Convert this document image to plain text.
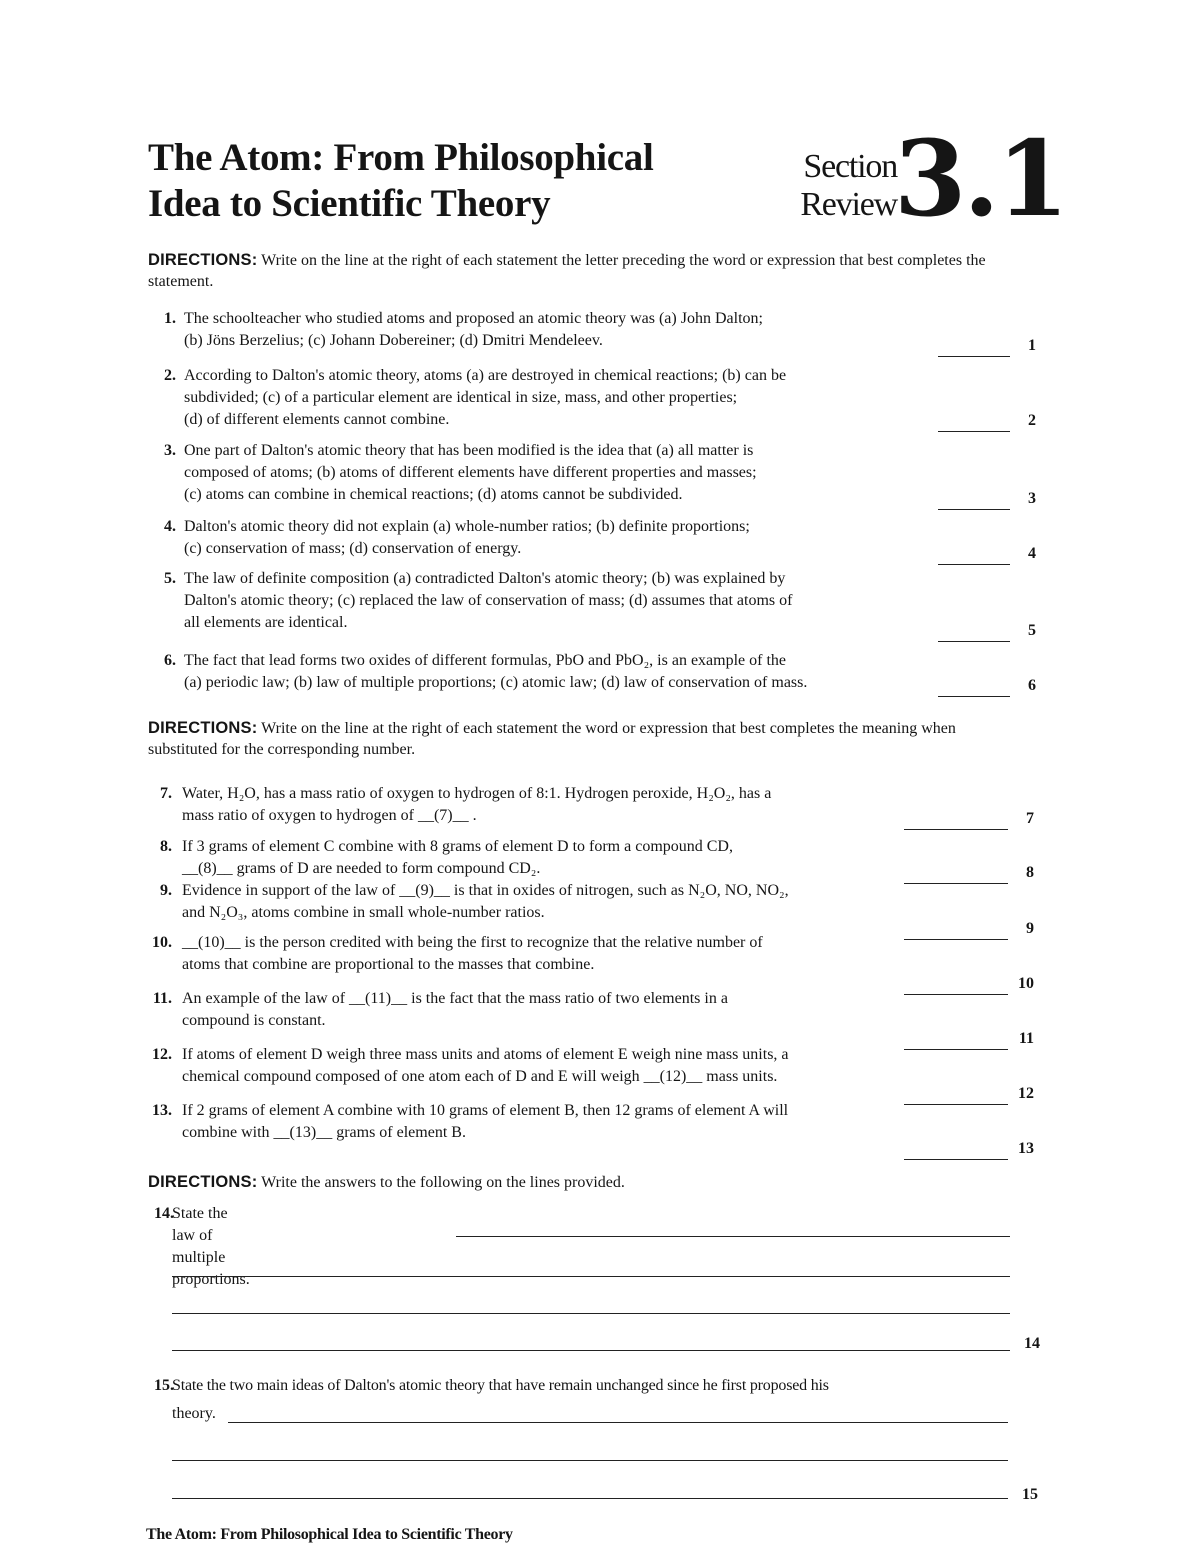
The Atom: From Philosophical
Idea to Scientific Theory
Section
Review
3.1
DIRECTIONS: Write on the line at the right of each statement the letter preceding the word or expression that best completes the statement.
1. The schoolteacher who studied atoms and proposed an atomic theory was (a) John Dalton;
(b) Jöns Berzelius; (c) Johann Dobereiner; (d) Dmitri Mendeleev.	1
2. According to Dalton's atomic theory, atoms (a) are destroyed in chemical reactions; (b) can be
subdivided; (c) of a particular element are identical in size, mass, and other properties;
(d) of different elements cannot combine.	2
3. One part of Dalton's atomic theory that has been modified is the idea that (a) all matter is
composed of atoms; (b) atoms of different elements have different properties and masses;
(c) atoms can combine in chemical reactions; (d) atoms cannot be subdivided.	3
4. Dalton's atomic theory did not explain (a) whole-number ratios; (b) definite proportions;
(c) conservation of mass; (d) conservation of energy.	4
5. The law of definite composition (a) contradicted Dalton's atomic theory; (b) was explained by
Dalton's atomic theory; (c) replaced the law of conservation of mass; (d) assumes that atoms of
all elements are identical.	5
6. The fact that lead forms two oxides of different formulas, PbO and PbO₂, is an example of the
(a) periodic law; (b) law of multiple proportions; (c) atomic law; (d) law of conservation of mass.	6
DIRECTIONS: Write on the line at the right of each statement the word or expression that best completes the meaning when substituted for the corresponding number.
7. Water, H₂O, has a mass ratio of oxygen to hydrogen of 8:1. Hydrogen peroxide, H₂O₂, has a
mass ratio of oxygen to hydrogen of __(7)__ .	7
8. If 3 grams of element C combine with 8 grams of element D to form a compound CD,
__(8)__ grams of D are needed to form compound CD₂.	8
9. Evidence in support of the law of __(9)__ is that in oxides of nitrogen, such as N₂O, NO, NO₂,
and N₂O₃, atoms combine in small whole-number ratios.
9
10. __(10)__ is the person credited with being the first to recognize that the relative number of
atoms that combine are proportional to the masses that combine.
10
11. An example of the law of __(11)__ is the fact that the mass ratio of two elements in a
compound is constant.
11
12. If atoms of element D weigh three mass units and atoms of element E weigh nine mass units, a
chemical compound composed of one atom each of D and E will weigh __(12)__ mass units.
12
13. If 2 grams of element A combine with 10 grams of element B, then 12 grams of element A will
combine with __(13)__ grams of element B.
13
DIRECTIONS: Write the answers to the following on the lines provided.
14.
State the law of multiple proportions.
14
15.
State the two main ideas of Dalton's atomic theory that have remain unchanged since he first proposed his
theory.
15
The Atom: From Philosophical Idea to Scientific Theory
